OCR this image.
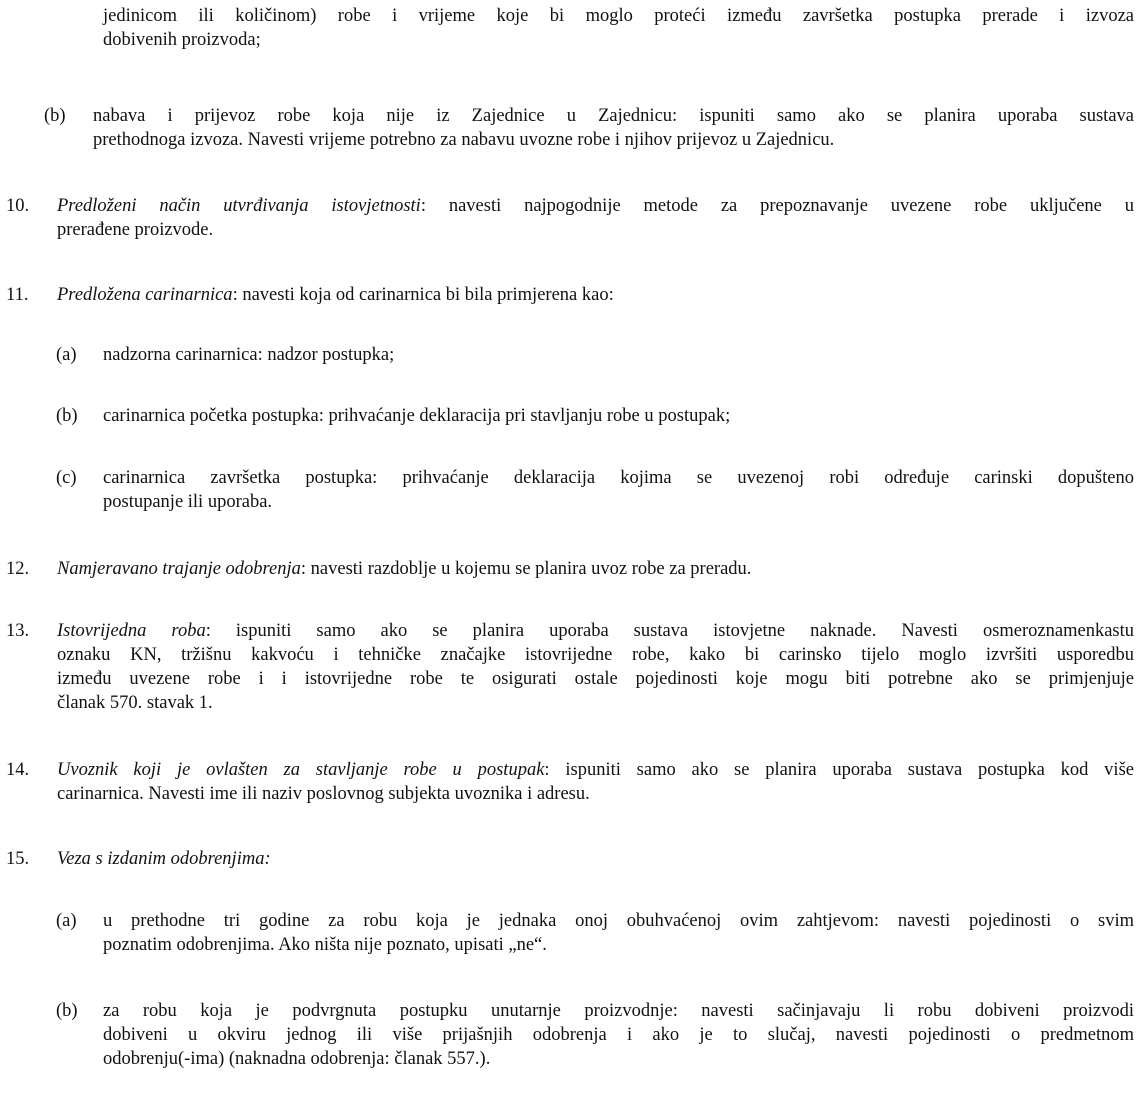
jedinicom ili količinom) robe i vrijeme koje bi moglo proteći između završetka postupka prerade i izvoza
dobivenih proizvoda;
(b) nabava i prijevoz robe koja nije iz Zajednice u Zajednicu: ispuniti samo ako se planira uporaba sustava
prethodnoga izvoza. Navesti vrijeme potrebno za nabavu uvozne robe i njihov prijevoz u Zajednicu.
10. Predloženi način utvrđivanja istovjetnosti: navesti najpogodnije metode za prepoznavanje uvezene robe uključene u
prerađene proizvode.
11. Predložena carinarnica: navesti koja od carinarnica bi bila primjerena kao:
(a) nadzorna carinarnica: nadzor postupka;
(b) carinarnica početka postupka: prihvaćanje deklaracija pri stavljanju robe u postupak;
(c) carinarnica završetka postupka: prihvaćanje deklaracija kojima se uvezenoj robi određuje carinski dopušteno
postupanje ili uporaba.
12. Namjeravano trajanje odobrenja: navesti razdoblje u kojemu se planira uvoz robe za preradu.
13. Istovrijedna roba: ispuniti samo ako se planira uporaba sustava istovjetne naknade. Navesti osmeroznamenkastu
oznaku KN, tržišnu kakvoću i tehničke značajke istovrijedne robe, kako bi carinsko tijelo moglo izvršiti usporedbu
između uvezene robe i i istovrijedne robe te osigurati ostale pojedinosti koje mogu biti potrebne ako se primjenjuje
članak 570. stavak 1.
14. Uvoznik koji je ovlašten za stavljanje robe u postupak: ispuniti samo ako se planira uporaba sustava postupka kod više
carinarnica. Navesti ime ili naziv poslovnog subjekta uvoznika i adresu.
15. Veza s izdanim odobrenjima:
(a) u prethodne tri godine za robu koja je jednaka onoj obuhvaćenoj ovim zahtjevom: navesti pojedinosti o svim
poznatim odobrenjima. Ako ništa nije poznato, upisati „ne“.
(b) za robu koja je podvrgnuta postupku unutarnje proizvodnje: navesti sačinjavaju li robu dobiveni proizvodi
dobiveni u okviru jednog ili više prijašnjih odobrenja i ako je to slučaj, navesti pojedinosti o predmetnom
odobrenju(-ima) (naknadna odobrenja: članak 557.).
